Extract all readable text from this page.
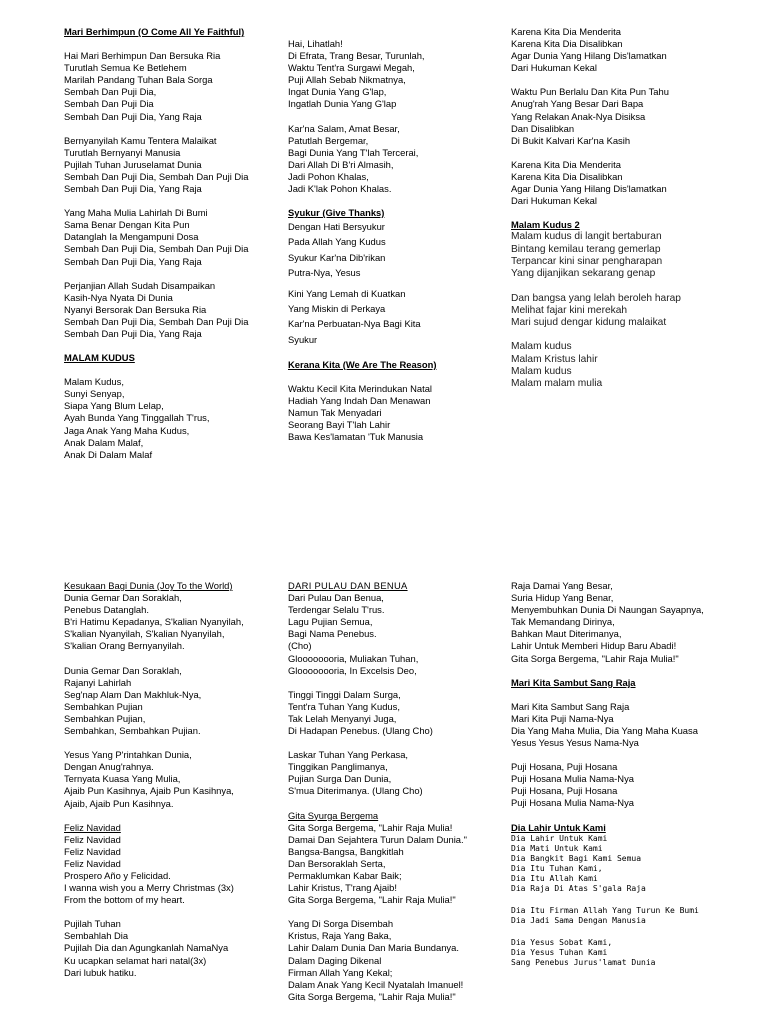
Mari Berhimpun (O Come All Ye Faithful)

Hai Mari Berhimpun Dan Bersuka Ria

Turutlah Semua Ke Betlehem

Marilah Pandang Tuhan Bala Sorga

Sembah Dan Puji Dia,

Sembah Dan Puji Dia

Sembah Dan Puji Dia, Yang Raja

Bernyanyilah Kamu Tentera Malaikat

Turutlah Bernyanyi Manusia

Pujilah Tuhan Juruselamat Dunia

Sembah Dan Puji Dia, Sembah Dan Puji Dia

Sembah Dan Puji Dia, Yang Raja

Yang Maha Mulia Lahirlah Di Bumi

Sama Benar Dengan Kita Pun

Datanglah Ia Mengampuni Dosa

Sembah Dan Puji Dia, Sembah Dan Puji Dia

Sembah Dan Puji Dia, Yang Raja

Perjanjian Allah Sudah Disampaikan

Kasih-Nya Nyata Di Dunia

Nyanyi Bersorak Dan Bersuka Ria

Sembah Dan Puji Dia, Sembah Dan Puji Dia

Sembah Dan Puji Dia, Yang Raja

MALAM KUDUS

Malam Kudus,

Sunyi Senyap,

Siapa Yang Blum Lelap,

Ayah Bunda Yang Tinggallah T'rus,

Jaga Anak Yang Maha Kudus,

Anak Dalam Malaf,

Anak Di Dalam Malaf

Hai, Lihatlah!

Di Efrata, Trang Besar, Turunlah,

Waktu Tent'ra Surgawi Megah,

Puji Allah Sebab Nikmatnya,

Ingat Dunia Yang G'lap,

Ingatlah Dunia Yang G'lap

Kar'na Salam, Amat Besar,

Patutlah Bergemar,

Bagi Dunia Yang T'lah Tercerai,

Dari Allah Di B'ri Almasih,

Jadi Pohon Khalas,

Jadi K'lak Pohon Khalas.

Syukur (Give Thanks)

Dengan Hati Bersyukur

Pada Allah Yang Kudus

Syukur Kar'na Dib'rikan

Putra-Nya, Yesus

Kini Yang Lemah di Kuatkan

Yang Miskin di Perkaya

Kar'na Perbuatan-Nya Bagi Kita

Syukur

Kerana Kita (We Are The Reason)

Waktu Kecil Kita Merindukan Natal

Hadiah Yang Indah Dan Menawan

Namun Tak Menyadari

Seorang Bayi T'lah Lahir

Bawa Kes'lamatan 'Tuk Manusia

Karena Kita Dia Menderita

Karena Kita Dia Disalibkan

Agar Dunia Yang Hilang Dis'lamatkan

Dari Hukuman Kekal

Waktu Pun Berlalu Dan Kita Pun Tahu

Anug'rah Yang Besar Dari Bapa

Yang Relakan Anak-Nya Disiksa

Dan Disalibkan

Di Bukit Kalvari Kar'na Kasih

Karena Kita Dia Menderita

Karena Kita Dia Disalibkan

Agar Dunia Yang Hilang Dis'lamatkan

Dari Hukuman Kekal

Malam Kudus 2

Malam kudus di langit bertaburan

Bintang kemilau terang gemerlap

Terpancar kini sinar pengharapan

Yang dijanjikan sekarang genap

Dan bangsa yang lelah beroleh harap

Melihat fajar kini merekah

Mari sujud dengar kidung malaikat

Malam kudus

Malam Kristus lahir

Malam kudus

Malam malam mulia

Kesukaan Bagi Dunia (Joy To the World)

Dunia Gemar Dan Soraklah,

Penebus Datanglah.

B'ri Hatimu Kepadanya, S'kalian Nyanyilah,

S'kalian Nyanyilah, S'kalian Nyanyilah,

S'kalian Orang Bernyanyilah.

Dunia Gemar Dan Soraklah,

Rajanyi Lahirlah

Seg'nap Alam Dan Makhluk-Nya,

Sembahkan Pujian

Sembahkan Pujian,

Sembahkan, Sembahkan Pujian.

Yesus Yang P'rintahkan Dunia,

Dengan Anug'rahnya.

Ternyata Kuasa Yang Mulia,

Ajaib Pun Kasihnya, Ajaib Pun Kasihnya,

Ajaib, Ajaib Pun Kasihnya.

Feliz Navidad

Feliz Navidad

Feliz Navidad

Feliz Navidad

Prospero Año y Felicidad.

I wanna wish you a Merry Christmas (3x)

From the bottom of my heart.

Pujilah Tuhan

Sembahlah Dia

Pujilah Dia dan Agungkanlah NamaNya

Ku ucapkan selamat hari natal(3x)

Dari lubuk hatiku.

DARI PULAU DAN BENUA

Dari Pulau Dan Benua,

Terdengar Selalu T'rus.

Lagu Pujian Semua,

Bagi Nama Penebus.

(Cho)

Gloooooooria, Muliakan Tuhan,

Gloooooooria, In Excelsis Deo,

Tinggi Tinggi Dalam Surga,

Tent'ra Tuhan Yang Kudus,

Tak Lelah Menyanyi Juga,

Di Hadapan Penebus. (Ulang Cho)

Laskar Tuhan Yang Perkasa,

Tinggikan Panglimanya,

Pujian Surga Dan Dunia,

S'mua Diterimanya. (Ulang Cho)

Gita Syurga Bergema

Gita Sorga Bergema, "Lahir Raja Mulia!

Damai Dan Sejahtera Turun Dalam Dunia."

Bangsa-Bangsa, Bangkitlah

Dan Bersoraklah Serta,

Permaklumkan Kabar Baik;

Lahir Kristus, T'rang Ajaib!

Gita Sorga Bergema, "Lahir Raja Mulia!"

Yang Di Sorga Disembah

Kristus, Raja Yang Baka,

Lahir Dalam Dunia Dan Maria Bundanya.

Dalam Daging Dikenal

Firman Allah Yang Kekal;

Dalam Anak Yang Kecil Nyatalah Imanuel!

Gita Sorga Bergema, "Lahir Raja Mulia!"

Raja Damai Yang Besar,

Suria Hidup Yang Benar,

Menyembuhkan Dunia Di Naungan Sayapnya,

Tak Memandang Dirinya,

Bahkan Maut Diterimanya,

Lahir Untuk Memberi Hidup Baru Abadi!

Gita Sorga Bergema, "Lahir Raja Mulia!"

Mari Kita Sambut Sang Raja

Mari Kita Sambut Sang Raja

Mari Kita Puji Nama-Nya

Dia Yang Maha Mulia, Dia Yang Maha Kuasa

Yesus Yesus Yesus Nama-Nya

Puji Hosana, Puji Hosana

Puji Hosana Mulia Nama-Nya

Puji Hosana, Puji Hosana

Puji Hosana Mulia Nama-Nya

Dia Lahir Untuk Kami

Dia Lahir Untuk Kami

Dia Mati Untuk Kami

Dia Bangkit Bagi Kami Semua

Dia Itu Tuhan Kami,

Dia Itu Allah Kami

Dia Raja Di Atas S'gala Raja

Dia Itu Firman Allah Yang Turun Ke Bumi

Dia Jadi Sama Dengan Manusia

Dia Yesus Sobat Kami,

Dia Yesus Tuhan Kami

Sang Penebus Jurus'lamat Dunia
